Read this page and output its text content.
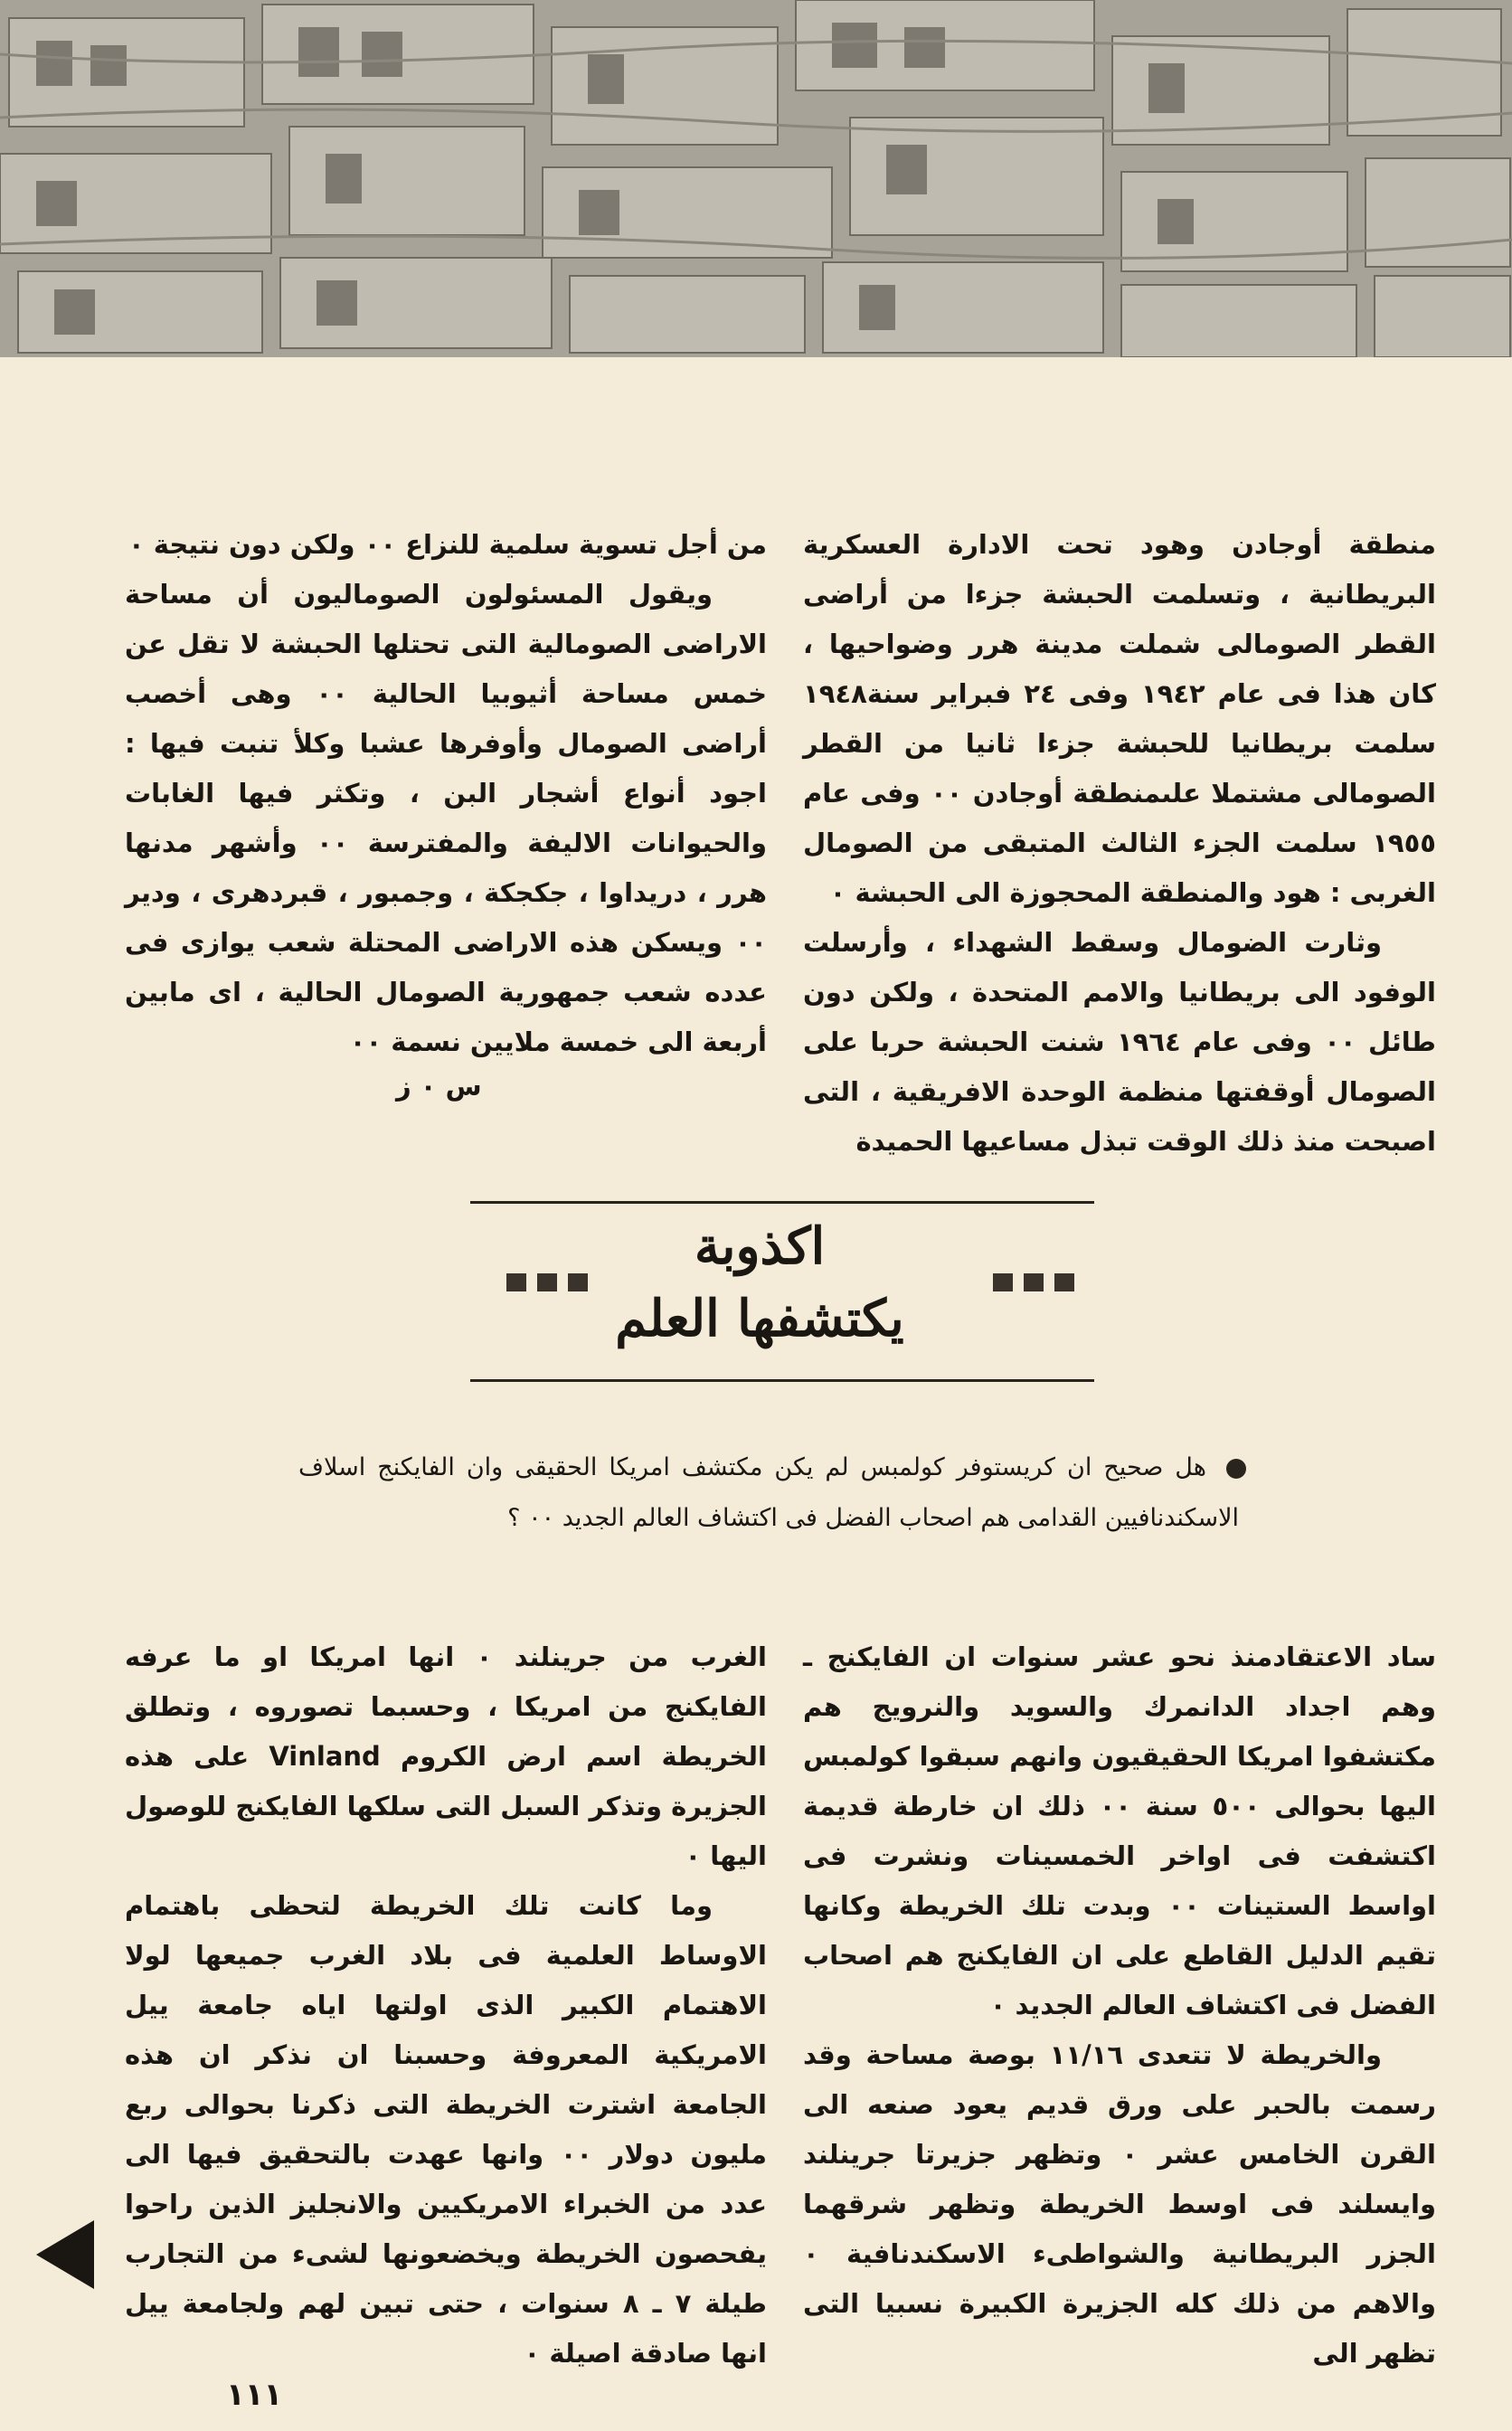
منطقة أوجادن وهود تحت الادارة العسكرية البريطانية ، وتسلمت الحبشة جزءا من أراضى القطر الصومالى شملت مدينة هرر وضواحيها ، كان هذا فى عام ١٩٤٢ وفى ٢٤ فبراير سنة١٩٤٨ سلمت بريطانيا للحبشة جزءا ثانيا من القطر الصومالى مشتملا علىمنطقة أوجادن ٠٠ وفى عام ١٩٥٥ سلمت الجزء الثالث المتبقى من الصومال الغربى : هود والمنطقة المحجوزة الى الحبشة ٠

وثارت الضومال وسقط الشهداء ، وأرسلت الوفود الى بريطانيا والامم المتحدة ، ولكن دون طائل ٠٠ وفى عام ١٩٦٤ شنت الحبشة حربا على الصومال أوقفتها منظمة الوحدة الافريقية ، التى اصبحت منذ ذلك الوقت تبذل مساعيها الحميدة

من أجل تسوية سلمية للنزاع ٠٠ ولكن دون نتيجة ٠

ويقول المسئولون الصوماليون أن مساحة الاراضى الصومالية التى تحتلها الحبشة لا تقل عن خمس مساحة أثيوبيا الحالية ٠٠ وهى أخصب أراضى الصومال وأوفرها عشبا وكلأ تنبت فيها : اجود أنواع أشجار البن ، وتكثر فيها الغابات والحيوانات الاليفة والمفترسة ٠٠ وأشهر مدنها هرر ، دريداوا ، جكجكة ، وجمبور ، قبردهرى ، ودير ٠٠ ويسكن هذه الاراضى المحتلة شعب يوازى فى عدده شعب جمهورية الصومال الحالية ، اى مابين أربعة الى خمسة ملايين نسمة ٠٠

س ٠ ز
اكذوبة
يكتشفها العلم
هل صحيح ان كريستوفر كولمبس لم يكن مكتشف امريكا الحقيقى وان الفايكنج اسلاف الاسكندنافيين القدامى هم اصحاب الفضل فى اكتشاف العالم الجديد ٠٠ ؟

ساد الاعتقادمنذ نحو عشر سنوات ان الفايكنج ـ وهم اجداد الدانمرك والسويد والنرويج هم مكتشفوا امريكا الحقيقيون وانهم سبقوا كولمبس اليها بحوالى ٥٠٠ سنة ٠٠ ذلك ان خارطة قديمة اكتشفت فى اواخر الخمسينات ونشرت فى اواسط الستينات ٠٠ وبدت تلك الخريطة وكانها تقيم الدليل القاطع على ان الفايكنج هم اصحاب الفضل فى اكتشاف العالم الجديد ٠

والخريطة لا تتعدى ١١/١٦ بوصة مساحة وقد رسمت بالحبر على ورق قديم يعود صنعه الى القرن الخامس عشر ٠ وتظهر جزيرتا جرينلند وايسلند فى اوسط الخريطة وتظهر شرقهما الجزر البريطانية والشواطىء الاسكندنافية ٠ والاهم من ذلك كله الجزيرة الكبيرة نسبيا التى تظهر الى

الغرب من جرينلند ٠ انها امريكا او ما عرفه الفايكنج من امريكا ، وحسبما تصوروه ، وتطلق الخريطة اسم ارض الكروم Vinland على هذه الجزيرة وتذكر السبل التى سلكها الفايكنج للوصول اليها ٠

وما كانت تلك الخريطة لتحظى باهتمام الاوساط العلمية فى بلاد الغرب جميعها لولا الاهتمام الكبير الذى اولتها اياه جامعة ييل الامريكية المعروفة وحسبنا ان نذكر ان هذه الجامعة اشترت الخريطة التى ذكرنا بحوالى ربع مليون دولار ٠٠ وانها عهدت بالتحقيق فيها الى عدد من الخبراء الامريكيين والانجليز الذين راحوا يفحصون الخريطة ويخضعونها لشىء من التجارب طيلة ٧ ـ ٨ سنوات ، حتى تبين لهم ولجامعة ييل انها صادقة اصيلة ٠

١١١
